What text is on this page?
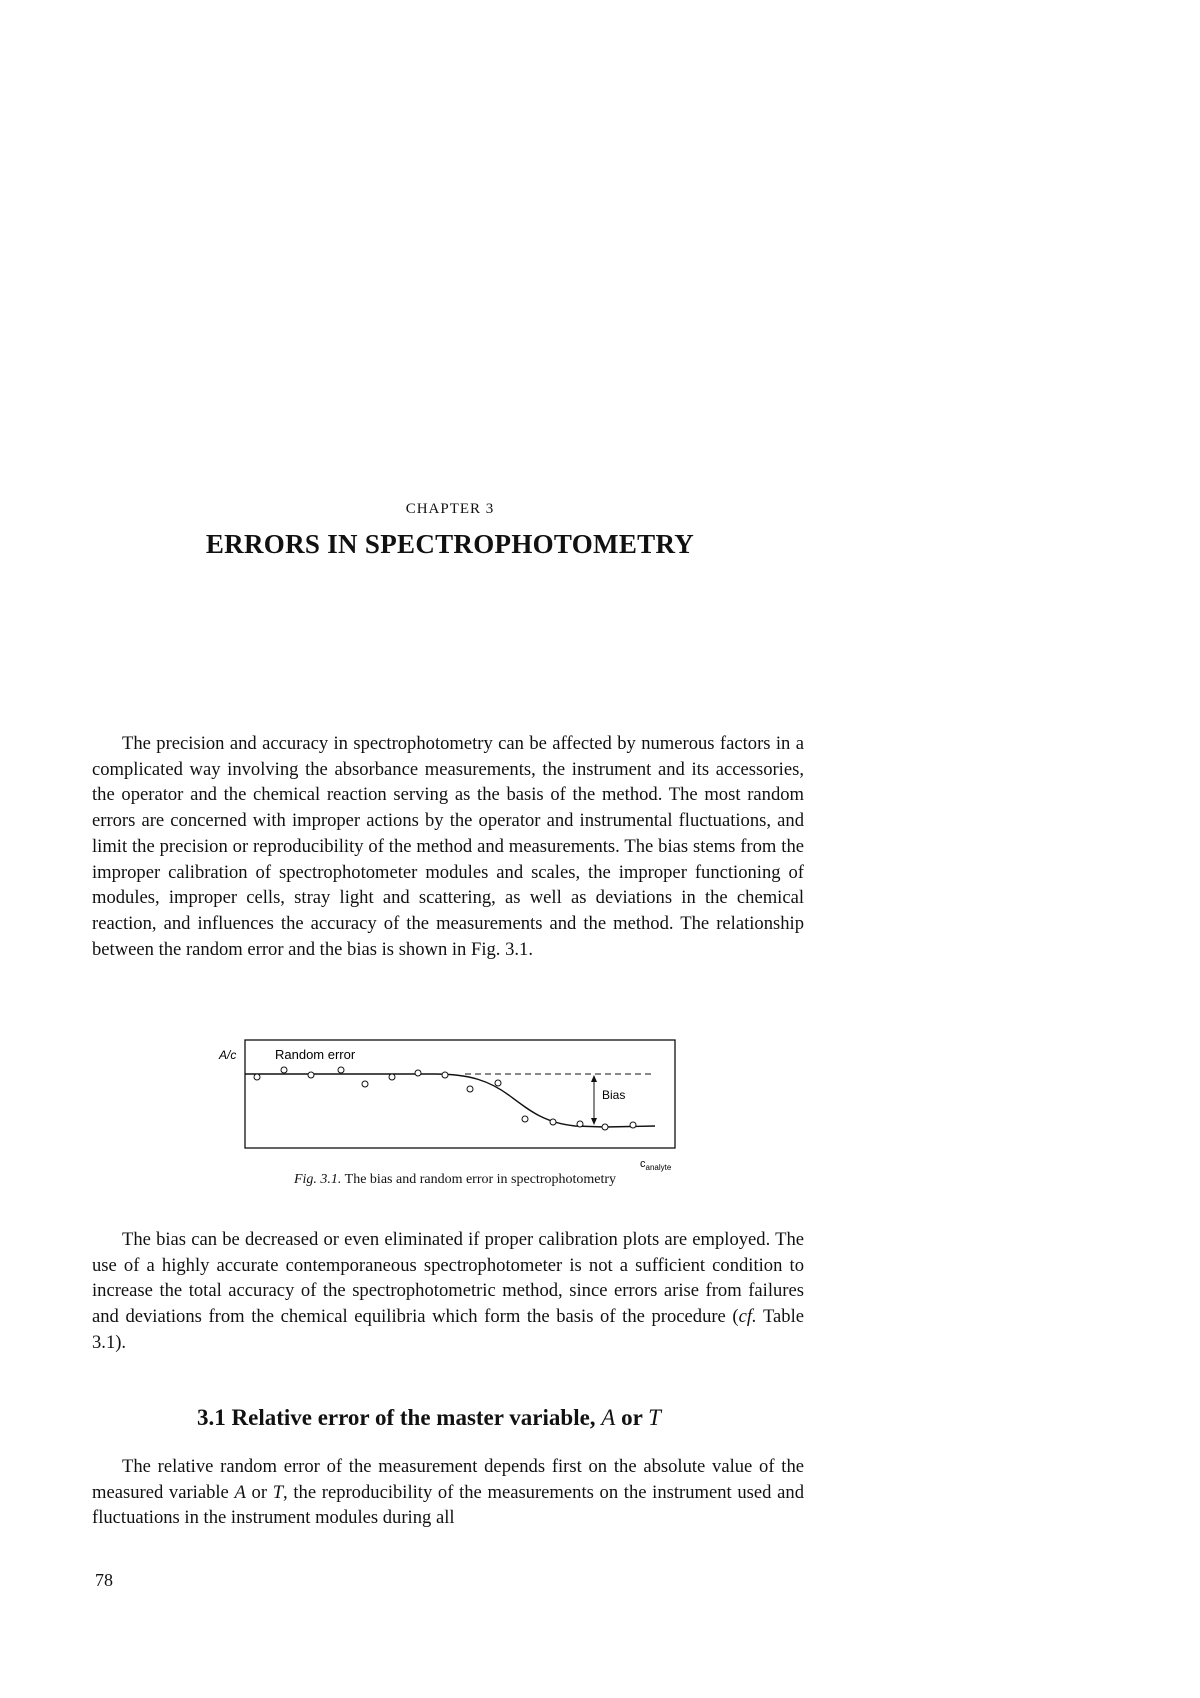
CHAPTER 3
ERRORS IN SPECTROPHOTOMETRY

The precision and accuracy in spectrophotometry can be affected by numerous factors in a complicated way involving the absorbance measurements, the instrument and its accessories, the operator and the chemical reaction serving as the basis of the method. The most random errors are concerned with improper actions by the operator and instrumental fluctuations, and limit the precision or reproducibility of the method and measurements. The bias stems from the improper calibration of spectrophotometer modules and scales, the improper functioning of modules, improper cells, stray light and scattering, as well as deviations in the chemical reaction, and influences the accuracy of the measurements and the method. The relationship between the random error and the bias is shown in Fig. 3.1.

A/c	Random error
Bias
$c_{analyte}$
Fig. 3.1. The bias and random error in spectrophotometry

The bias can be decreased or even eliminated if proper calibration plots are employed. The use of a highly accurate contemporaneous spectrophotometer is not a sufficient condition to increase the total accuracy of the spectrophotometric method, since errors arise from failures and deviations from the chemical equilibria which form the basis of the procedure (cf. Table 3.1).

3.1 Relative error of the master variable, A or T

The relative random error of the measurement depends first on the absolute value of the measured variable A or T, the reproducibility of the measurements on the instrument used and fluctuations in the instrument modules during all

78
